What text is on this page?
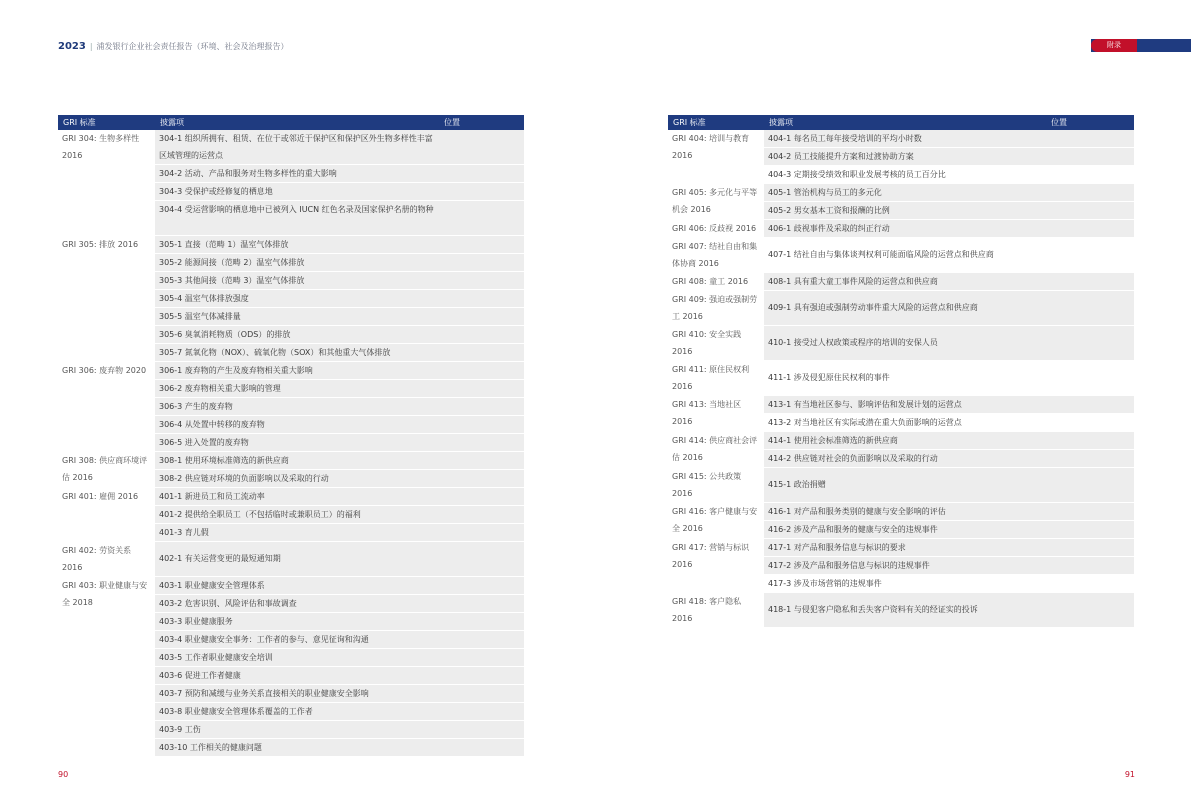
2023 | 浦发银行企业社会责任报告（环境、社会及治理报告）	附录
GRI 标准	披露项	位置
GRI 304: 生物多样性 2016	304-1 组织所拥有、租赁、在位于或邻近于保护区和保护区外生物多样性丰富区域管理的运营点	
	304-2 活动、产品和服务对生物多样性的重大影响	
	304-3 受保护或经修复的栖息地	
	304-4 受运营影响的栖息地中已被列入 IUCN 红色名录及国家保护名册的物种	
GRI 305: 排放 2016	305-1 直接（范畴 1）温室气体排放	
	305-2 能源间接（范畴 2）温室气体排放	
	305-3 其他间接（范畴 3）温室气体排放	
	305-4 温室气体排放强度	
	305-5 温室气体减排量	
	305-6 臭氧消耗物质（ODS）的排放	
	305-7 氮氧化物（NOX）、硫氧化物（SOX）和其他重大气体排放	
GRI 306: 废弃物 2020	306-1 废弃物的产生及废弃物相关重大影响	
	306-2 废弃物相关重大影响的管理	
	306-3 产生的废弃物	
	306-4 从处置中转移的废弃物	
	306-5 进入处置的废弃物	
GRI 308: 供应商环境评估 2016	308-1 使用环境标准筛选的新供应商	
	308-2 供应链对环境的负面影响以及采取的行动	
GRI 401: 雇佣 2016	401-1 新进员工和员工流动率	
	401-2 提供给全职员工（不包括临时或兼职员工）的福利	
	401-3 育儿假	
GRI 402: 劳资关系 2016	402-1 有关运营变更的最短通知期	
GRI 403: 职业健康与安全 2018	403-1 职业健康安全管理体系	
	403-2 危害识别、风险评估和事故调查	
	403-3 职业健康服务	
	403-4 职业健康安全事务：工作者的参与、意见征询和沟通	
	403-5 工作者职业健康安全培训	
	403-6 促进工作者健康	
	403-7 预防和减缓与业务关系直接相关的职业健康安全影响	
	403-8 职业健康安全管理体系覆盖的工作者	
	403-9 工伤	
	403-10 工作相关的健康问题	
GRI 标准	披露项	位置
GRI 404: 培训与教育 2016	404-1 每名员工每年接受培训的平均小时数	
	404-2 员工技能提升方案和过渡协助方案	
	404-3 定期接受绩效和职业发展考核的员工百分比	
GRI 405: 多元化与平等机会 2016	405-1 管治机构与员工的多元化	
	405-2 男女基本工资和报酬的比例	
GRI 406: 反歧视 2016	406-1 歧视事件及采取的纠正行动	
GRI 407: 结社自由和集体协商 2016	407-1 结社自由与集体谈判权利可能面临风险的运营点和供应商	
GRI 408: 童工 2016	408-1 具有重大童工事件风险的运营点和供应商	
GRI 409: 强迫或强制劳工 2016	409-1 具有强迫或强制劳动事件重大风险的运营点和供应商	
GRI 410: 安全实践 2016	410-1 接受过人权政策或程序的培训的安保人员	
GRI 411: 原住民权利 2016	411-1 涉及侵犯原住民权利的事件	
GRI 413: 当地社区 2016	413-1 有当地社区参与、影响评估和发展计划的运营点	
	413-2 对当地社区有实际或潜在重大负面影响的运营点	
GRI 414: 供应商社会评估 2016	414-1 使用社会标准筛选的新供应商	
	414-2 供应链对社会的负面影响以及采取的行动	
GRI 415: 公共政策 2016	415-1 政治捐赠	
GRI 416: 客户健康与安全 2016	416-1 对产品和服务类别的健康与安全影响的评估	
	416-2 涉及产品和服务的健康与安全的违规事件	
GRI 417: 营销与标识 2016	417-1 对产品和服务信息与标识的要求	
	417-2 涉及产品和服务信息与标识的违规事件	
	417-3 涉及市场营销的违规事件	
GRI 418: 客户隐私 2016	418-1 与侵犯客户隐私和丢失客户资料有关的经证实的投诉	
90	91
